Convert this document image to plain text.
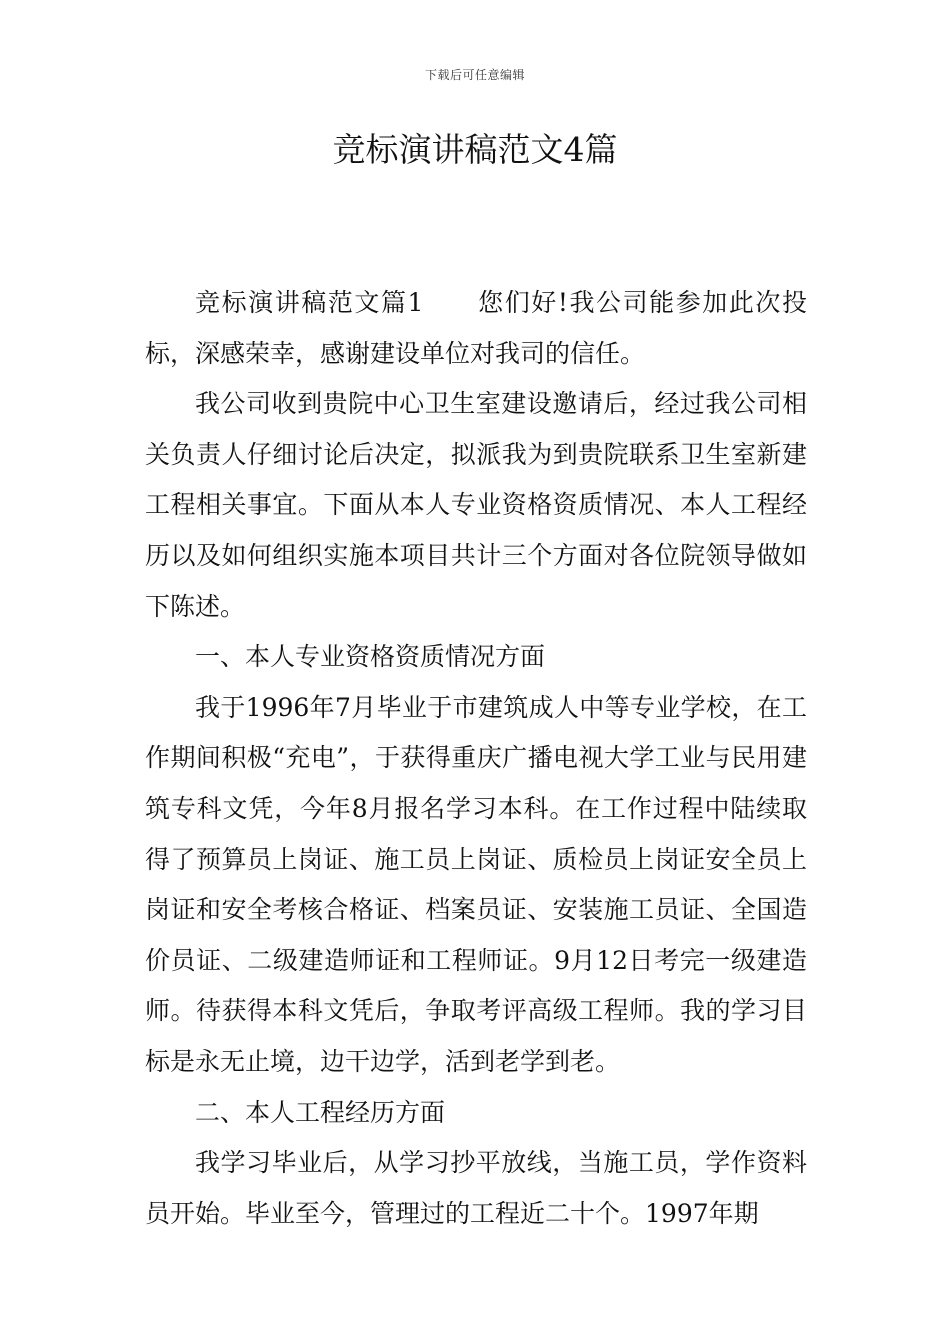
下载后可任意编辑
竞标演讲稿范文4篇

竞标演讲稿范文篇1　　您们好!我公司能参加此次投标，深感荣幸，感谢建设单位对我司的信任。

我公司收到贵院中心卫生室建设邀请后，经过我公司相关负责人仔细讨论后决定，拟派我为到贵院联系卫生室新建工程相关事宜。下面从本人专业资格资质情况、本人工程经历以及如何组织实施本项目共计三个方面对各位院领导做如下陈述。

一、本人专业资格资质情况方面

我于1996年7月毕业于市建筑成人中等专业学校，在工作期间积极“充电”，于获得重庆广播电视大学工业与民用建筑专科文凭，今年8月报名学习本科。在工作过程中陆续取得了预算员上岗证、施工员上岗证、质检员上岗证安全员上岗证和安全考核合格证、档案员证、安装施工员证、全国造价员证、二级建造师证和工程师证。9月12日考完一级建造师。待获得本科文凭后，争取考评高级工程师。我的学习目标是永无止境，边干边学，活到老学到老。

二、本人工程经历方面

我学习毕业后，从学习抄平放线，当施工员，学作资料员开始。毕业至今，管理过的工程近二十个。1997年期
